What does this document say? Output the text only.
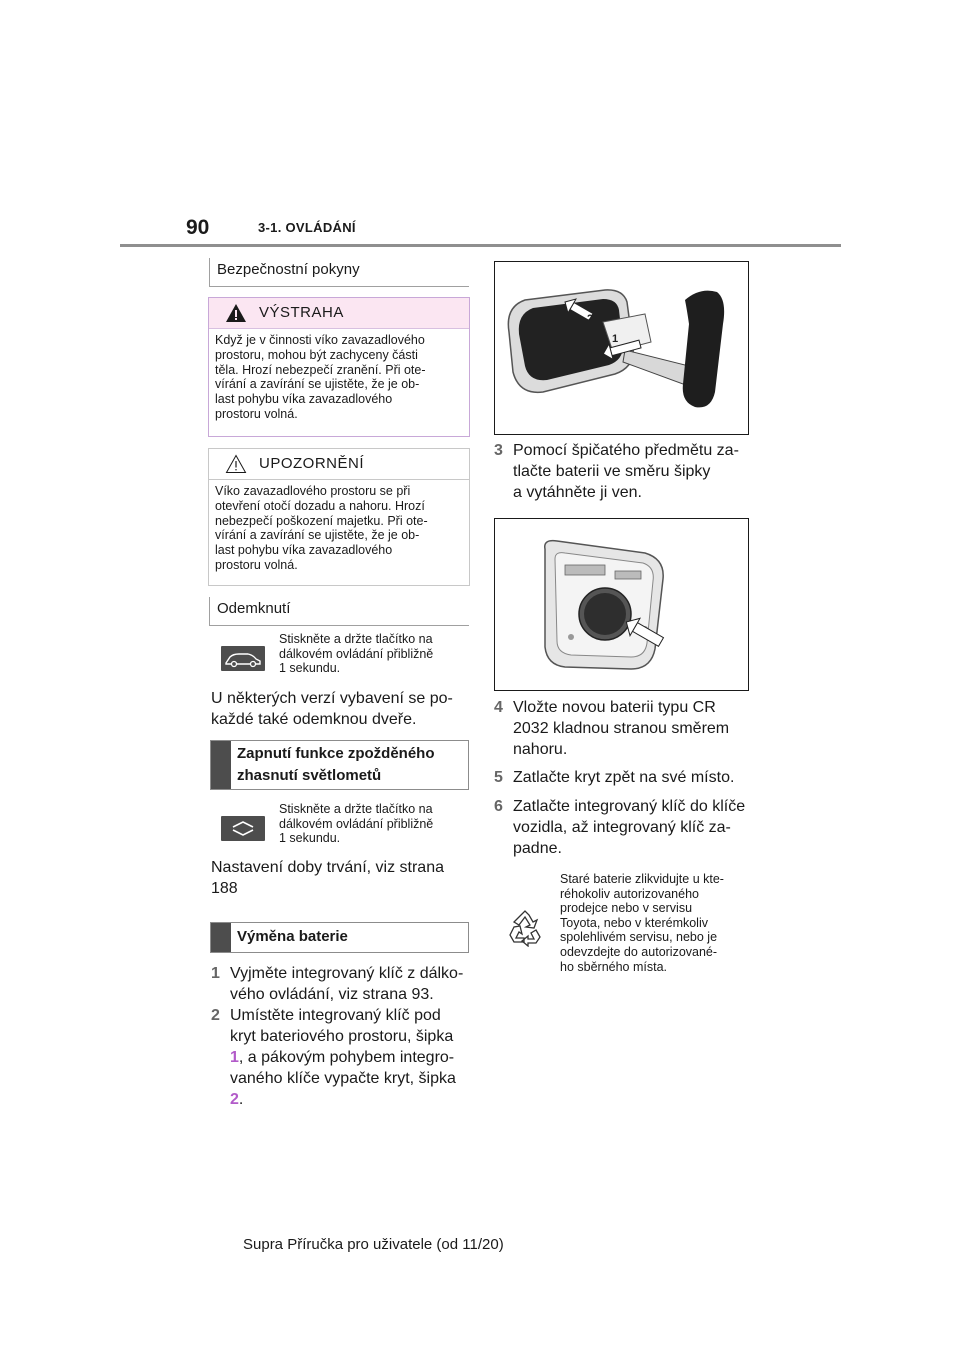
90	3-1. OVLÁDÁNÍ
Bezpečnostní pokyny
VÝSTRAHA
Když je v činnosti víko zavazadlového
prostoru, mohou být zachyceny části
těla. Hrozí nebezpečí zranění. Při ote-
vírání a zavírání se ujistěte, že je ob-
last pohybu víka zavazadlového
prostoru volná.
UPOZORNĚNÍ
Víko zavazadlového prostoru se při
otevření otočí dozadu a nahoru. Hrozí
nebezpečí poškození majetku. Při ote-
vírání a zavírání se ujistěte, že je ob-
last pohybu víka zavazadlového
prostoru volná.
Odemknutí
Stiskněte a držte tlačítko na
dálkovém ovládání přibližně
1 sekundu.
U některých verzí vybavení se po-
každé také odemknou dveře.
Zapnutí funkce zpožděného
zhasnutí světlometů
Stiskněte a držte tlačítko na
dálkovém ovládání přibližně
1 sekundu.
Nastavení doby trvání, viz strana
188
Výměna baterie
1 Vyjměte integrovaný klíč z dálko-
vého ovládání, viz strana 93.
2 Umístěte integrovaný klíč pod
kryt bateriového prostoru, šipka
1, a pákovým pohybem integro-
vaného klíče vypačte kryt, šipka
2.
1
2
3 Pomocí špičatého předmětu za-
tlačte baterii ve směru šipky
a vytáhněte ji ven.
4 Vložte novou baterii typu CR
2032 kladnou stranou směrem
nahoru.
5 Zatlačte kryt zpět na své místo.
6 Zatlačte integrovaný klíč do klíče
vozidla, až integrovaný klíč za-
padne.
Staré baterie zlikvidujte u kte-
réhokoliv autorizovaného
prodejce nebo v servisu
Toyota, nebo v kterémkoliv
spolehlivém servisu, nebo je
odevzdejte do autorizované-
ho sběrného místa.
Supra Příručka pro uživatele (od 11/20)
